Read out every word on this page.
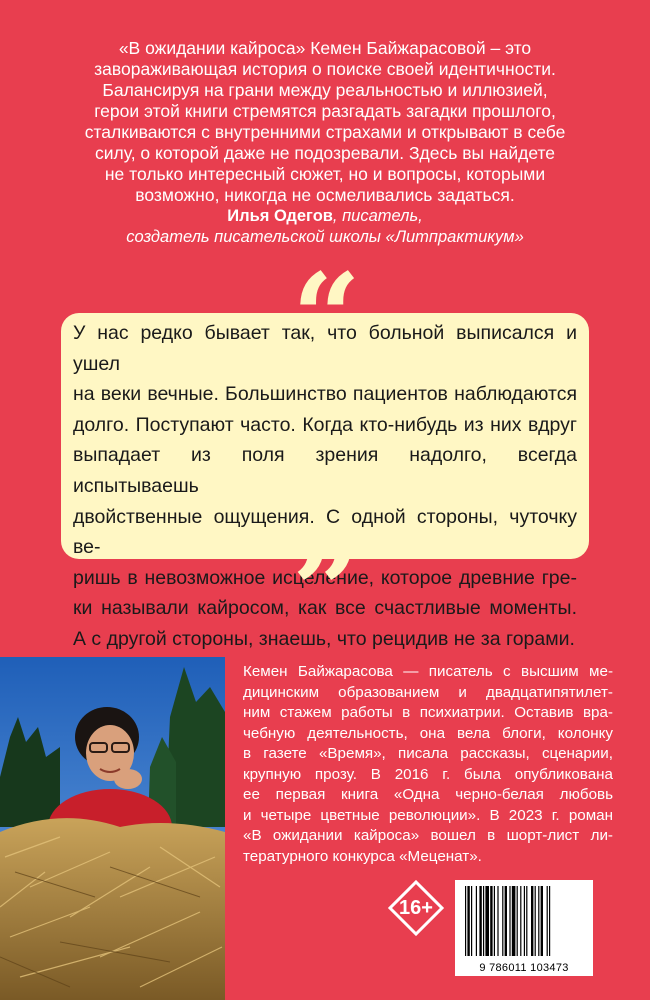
«В ожидании кайроса» Кемен Байжарасовой – это

завораживающая история о поиске своей идентичности.

Балансируя на грани между реальностью и иллюзией,

герои этой книги стремятся разгадать загадки прошлого,

сталкиваются с внутренними страхами и открывают в себе

силу, о которой даже не подозревали. Здесь вы найдете

не только интересный сюжет, но и вопросы, которыми

возможно, никогда не осмеливались задаться.

Илья Одегов, писатель,

создатель писательской школы «Литпрактикум»

У нас редко бывает так, что больной выписался и ушел

на веки вечные. Большинство пациентов наблюдаются

долго. Поступают часто. Когда кто-нибудь из них вдруг

выпадает из поля зрения надолго, всегда испытываешь

двойственные ощущения. С одной стороны, чуточку ве-

ришь в невозможное исцеление, которое древние гре-

ки называли кайросом, как все счастливые моменты.

А с другой стороны, знаешь, что рецидив не за горами.

”
Кемен Байжарасова — писатель с высшим ме-
дицинским образованием и двадцатипятилет-
ним стажем работы в психиатрии. Оставив вра-
чебную деятельность, она вела блоги, колонку
в газете «Время», писала рассказы, сценарии,
крупную прозу. В 2016 г. была опубликована
ее первая книга «Одна черно-белая любовь
и четыре цветные революции». В 2023 г. роман
«В ожидании кайроса» вошел в шорт-лист ли-
тературного конкурса «Меценат».
16+
9 786011 103473
